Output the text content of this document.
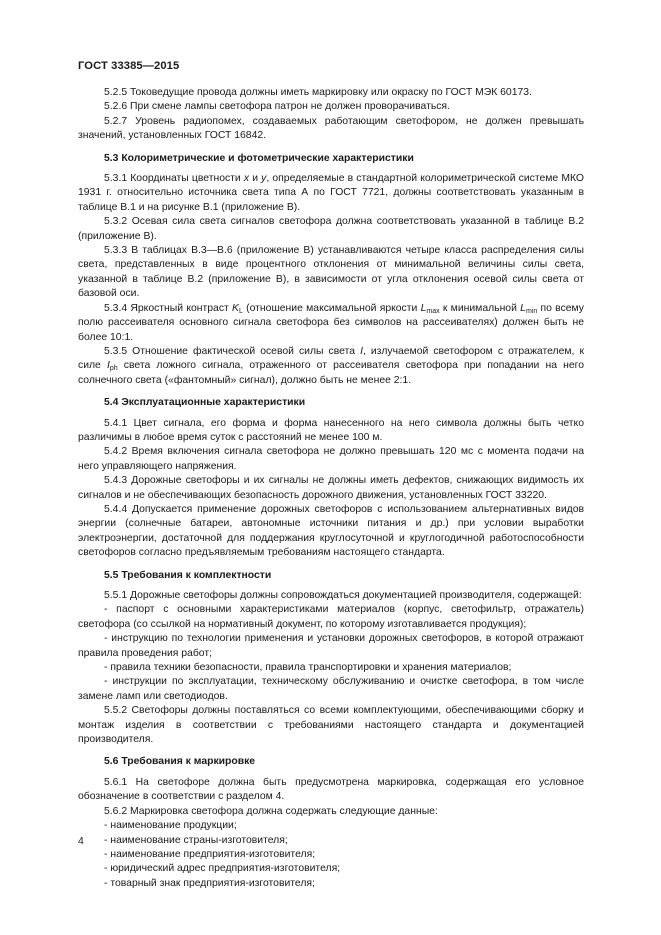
ГОСТ 33385—2015

5.2.5 Токоведущие провода должны иметь маркировку или окраску по ГОСТ МЭК 60173.

5.2.6 При смене лампы светофора патрон не должен проворачиваться.

5.2.7 Уровень радиопомех, создаваемых работающим светофором, не должен превышать значений, установленных ГОСТ 16842.

5.3 Колориметрические и фотометрические характеристики

5.3.1 Координаты цветности x и y, определяемые в стандартной колориметрической системе МКО 1931 г. относительно источника света типа А по ГОСТ 7721, должны соответствовать указанным в таблице В.1 и на рисунке В.1 (приложение В).

5.3.2 Осевая сила света сигналов светофора должна соответствовать указанной в таблице В.2 (приложение В).

5.3.3 В таблицах В.3—В.6 (приложение В) устанавливаются четыре класса распределения силы света, представленных в виде процентного отклонения от минимальной величины силы света, указанной в таблице В.2 (приложение В), в зависимости от угла отклонения осевой силы света от базовой оси.

5.3.4 Яркостный контраст $K_L$ (отношение максимальной яркости $L_{max}$ к минимальной $L_{min}$ по всему полю рассеивателя основного сигнала светофора без символов на рассеивателях) должен быть не более 10:1.

5.3.5 Отношение фактической осевой силы света I, излучаемой светофором с отражателем, к силе $I_{ph}$ света ложного сигнала, отраженного от рассеивателя светофора при попадании на него солнечного света («фантомный» сигнал), должно быть не менее 2:1.

5.4 Эксплуатационные характеристики

5.4.1 Цвет сигнала, его форма и форма нанесенного на него символа должны быть четко различимы в любое время суток с расстояний не менее 100 м.

5.4.2 Время включения сигнала светофора не должно превышать 120 мс с момента подачи на него управляющего напряжения.

5.4.3 Дорожные светофоры и их сигналы не должны иметь дефектов, снижающих видимость их сигналов и не обеспечивающих безопасность дорожного движения, установленных ГОСТ 33220.

5.4.4 Допускается применение дорожных светофоров с использованием альтернативных видов энергии (солнечные батареи, автономные источники питания и др.) при условии выработки электроэнергии, достаточной для поддержания круглосуточной и круглогодичной работоспособности светофоров согласно предъявляемым требованиям настоящего стандарта.

5.5 Требования к комплектности

5.5.1 Дорожные светофоры должны сопровождаться документацией производителя, содержащей:

- паспорт с основными характеристиками материалов (корпус, светофильтр, отражатель) светофора (со ссылкой на нормативный документ, по которому изготавливается продукция);

- инструкцию по технологии применения и установки дорожных светофоров, в которой отражают правила проведения работ;

- правила техники безопасности, правила транспортировки и хранения материалов;

- инструкции по эксплуатации, техническому обслуживанию и очистке светофора, в том числе замене ламп или светодиодов.

5.5.2 Светофоры должны поставляться со всеми комплектующими, обеспечивающими сборку и монтаж изделия в соответствии с требованиями настоящего стандарта и документацией производителя.

5.6 Требования к маркировке

5.6.1 На светофоре должна быть предусмотрена маркировка, содержащая его условное обозначение в соответствии с разделом 4.

5.6.2 Маркировка светофора должна содержать следующие данные:

- наименование продукции;

- наименование страны-изготовителя;

- наименование предприятия-изготовителя;

- юридический адрес предприятия-изготовителя;

- товарный знак предприятия-изготовителя;

4
